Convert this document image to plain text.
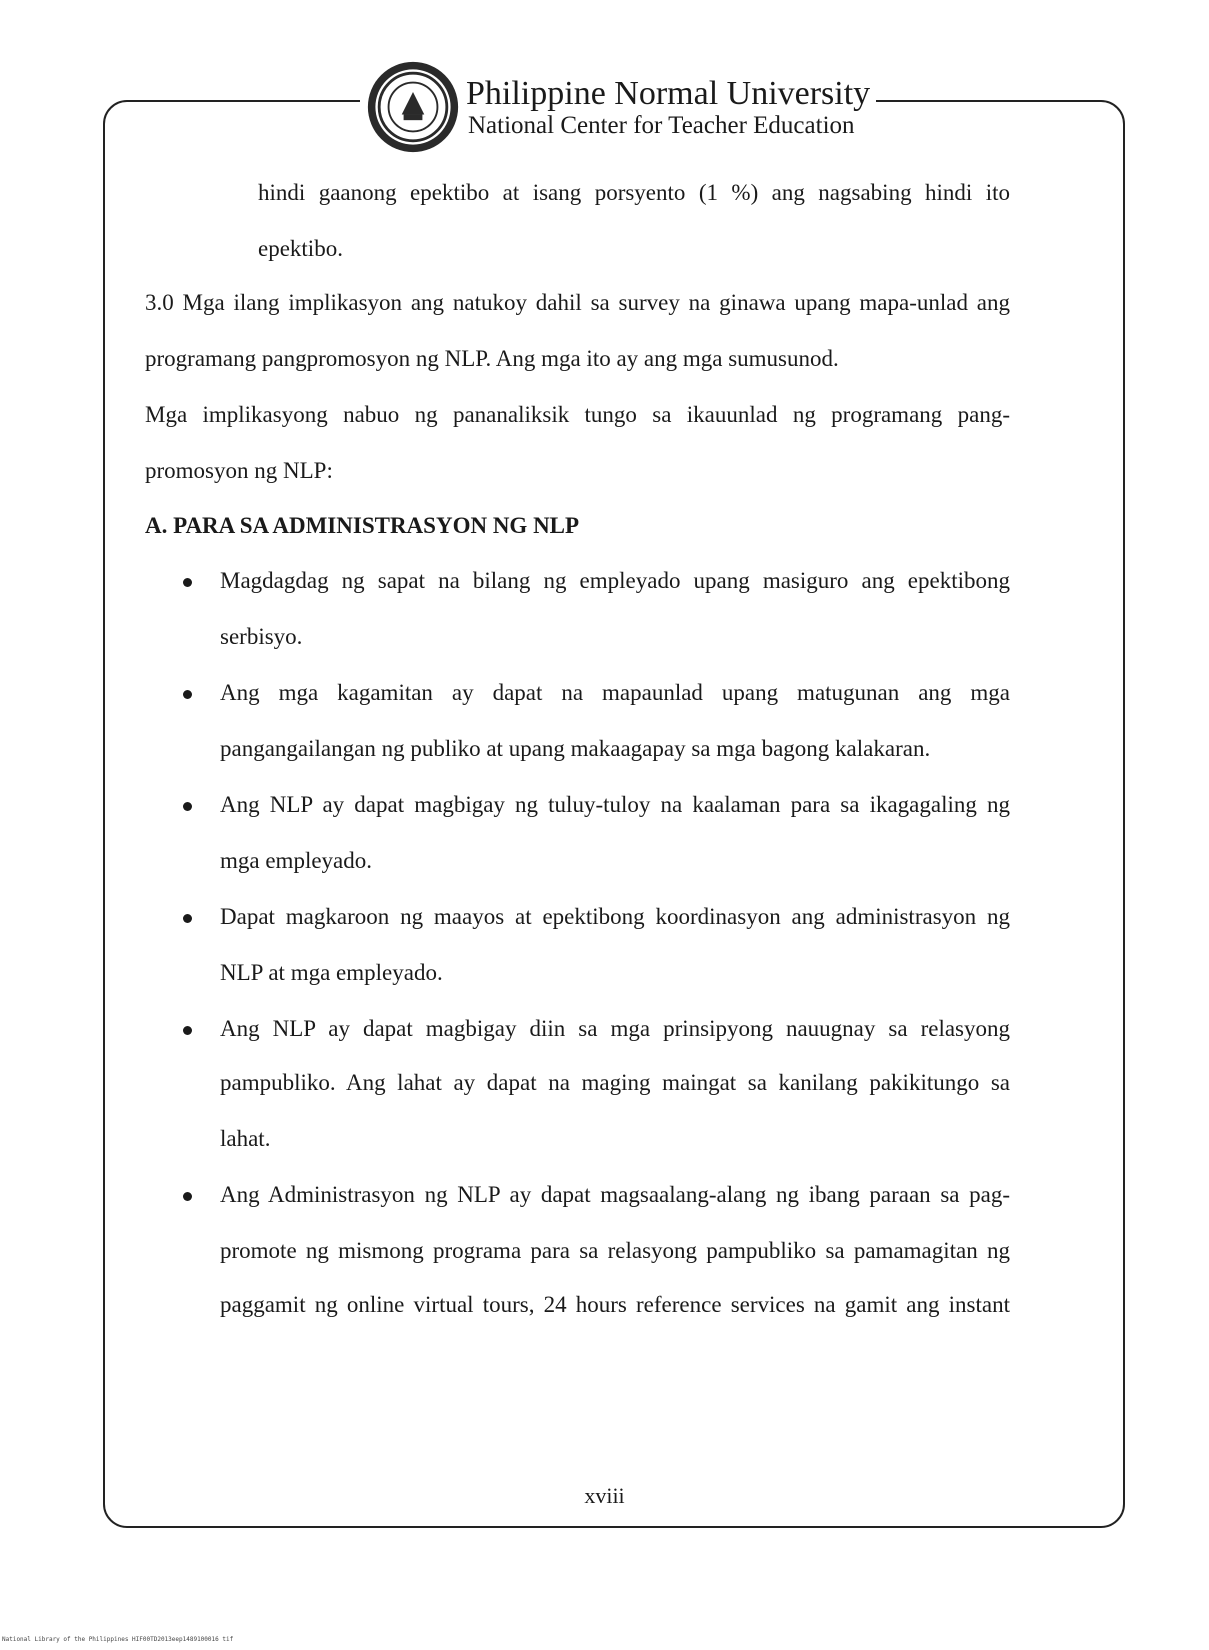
Philippine Normal University
National Center for Teacher Education
hindi gaanong epektibo at isang porsyento (1 %) ang nagsabing hindi ito
epektibo.
3.0 Mga ilang implikasyon ang natukoy dahil sa survey na ginawa upang mapa-unlad ang
programang pangpromosyon ng NLP. Ang mga ito ay ang mga sumusunod.
Mga implikasyong nabuo ng pananaliksik tungo sa ikauunlad ng programang pang-
promosyon ng NLP:
A. PARA SA ADMINISTRASYON NG NLP
Magdagdag ng sapat na bilang ng empleyado upang masiguro ang epektibong
serbisyo.
Ang mga kagamitan ay dapat na mapaunlad upang matugunan ang mga
pangangailangan ng publiko at upang makaagapay sa mga bagong kalakaran.
Ang NLP ay dapat magbigay ng tuluy-tuloy na kaalaman para sa ikagagaling ng
mga empleyado.
Dapat magkaroon ng maayos at epektibong koordinasyon ang administrasyon ng
NLP at mga empleyado.
Ang NLP ay dapat magbigay diin sa mga prinsipyong nauugnay sa relasyong
pampubliko. Ang lahat ay dapat na maging maingat sa kanilang pakikitungo sa
lahat.
Ang Administrasyon ng NLP ay dapat magsaalang-alang ng ibang paraan sa pag-
promote ng mismong programa para sa relasyong pampubliko sa pamamagitan ng
paggamit ng online virtual tours, 24 hours reference services na gamit ang instant
xviii
National Library of the Philippines HIF00TD2013eep1489100016 tif
